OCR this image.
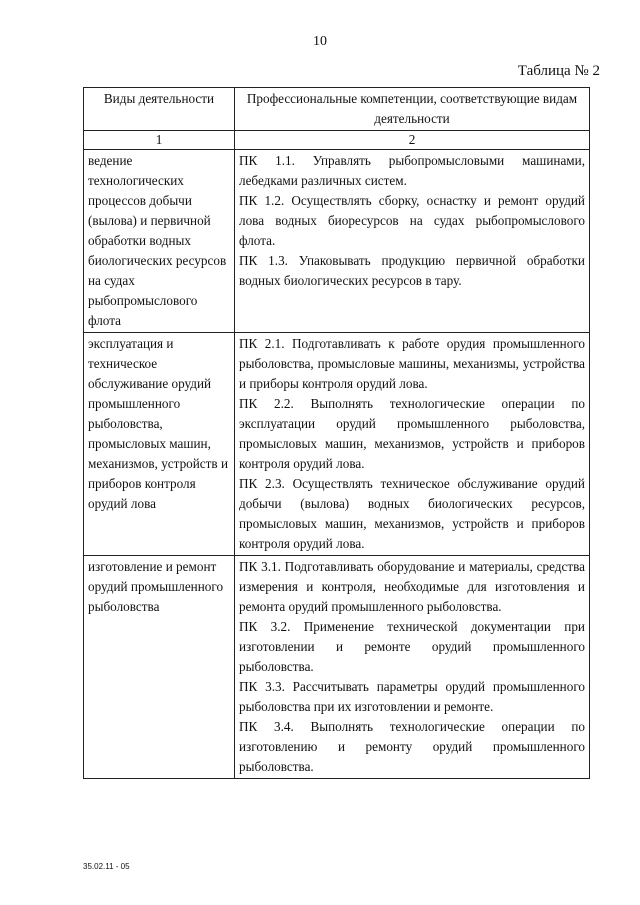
10
Таблица № 2
Виды деятельности	Профессиональные компетенции, соответствующие видам деятельности
1	2
ведение технологических процессов добычи (вылова) и первичной обработки водных биологических ресурсов на судах рыбопромыслового флота	ПК 1.1. Управлять рыбопромысловыми машинами, лебедками различных систем.

ПК 1.2. Осуществлять сборку, оснастку и ремонт орудий лова водных биоресурсов на судах рыбопромыслового флота.

ПК 1.3. Упаковывать продукцию первичной обработки водных биологических ресурсов в тару.

эксплуатация и техническое обслуживание орудий промышленного рыболовства, промысловых машин, механизмов, устройств и приборов контроля орудий лова	ПК 2.1. Подготавливать к работе орудия промышленного рыболовства, промысловые машины, механизмы, устройства и приборы контроля орудий лова.

ПК 2.2. Выполнять технологические операции по эксплуатации орудий промышленного рыболовства, промысловых машин, механизмов, устройств и приборов контроля орудий лова.

ПК 2.3. Осуществлять техническое обслуживание орудий добычи (вылова) водных биологических ресурсов, промысловых машин, механизмов, устройств и приборов контроля орудий лова.

изготовление и ремонт орудий промышленного рыболовства	ПК 3.1. Подготавливать оборудование и материалы, средства измерения и контроля, необходимые для изготовления и ремонта орудий промышленного рыболовства.

ПК 3.2. Применение технической документации при изготовлении и ремонте орудий промышленного рыболовства.

ПК 3.3. Рассчитывать параметры орудий промышленного рыболовства при их изготовлении и ремонте.

ПК 3.4. Выполнять технологические операции по изготовлению и ремонту орудий промышленного рыболовства.

35.02.11 - 05
